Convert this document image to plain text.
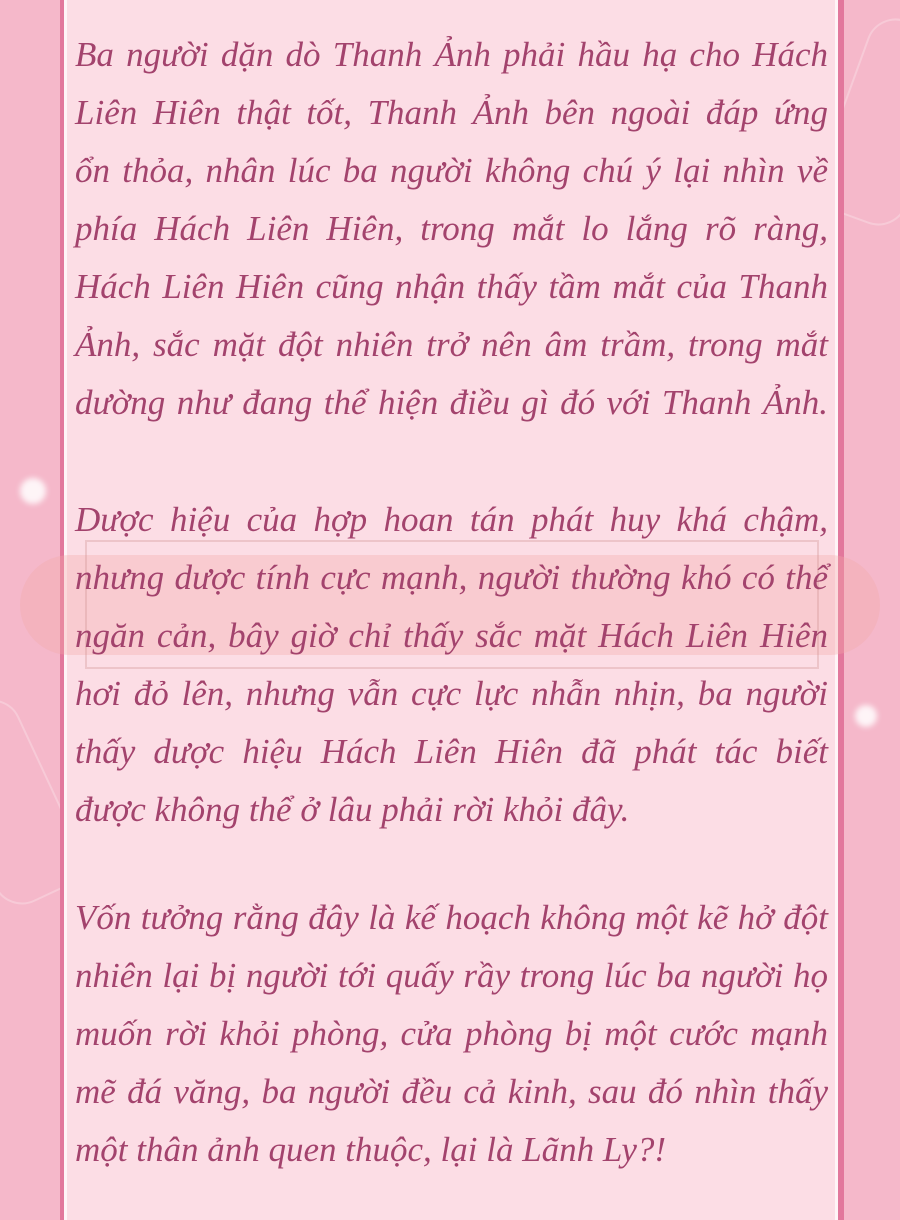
Ba người dặn dò Thanh Ảnh phải hầu hạ cho Hách
Liên Hiên thật tốt, Thanh Ảnh bên ngoài đáp ứng
ổn thỏa, nhân lúc ba người không chú ý lại nhìn về
phía Hách Liên Hiên, trong mắt lo lắng rõ ràng,
Hách Liên Hiên cũng nhận thấy tầm mắt của Thanh
Ảnh, sắc mặt đột nhiên trở nên âm trầm, trong mắt
dường như đang thể hiện điều gì đó với Thanh Ảnh.
Dược hiệu của hợp hoan tán phát huy khá chậm,
nhưng dược tính cực mạnh, người thường khó có thể
ngăn cản, bây giờ chỉ thấy sắc mặt Hách Liên Hiên
hơi đỏ lên, nhưng vẫn cực lực nhẫn nhịn, ba người
thấy dược hiệu Hách Liên Hiên đã phát tác biết
được không thể ở lâu phải rời khỏi đây.
Vốn tưởng rằng đây là kế hoạch không một kẽ hở đột
nhiên lại bị người tới quấy rầy trong lúc ba người họ
muốn rời khỏi phòng, cửa phòng bị một cước mạnh
mẽ đá văng, ba người đều cả kinh, sau đó nhìn thấy
một thân ảnh quen thuộc, lại là Lãnh Ly?!
